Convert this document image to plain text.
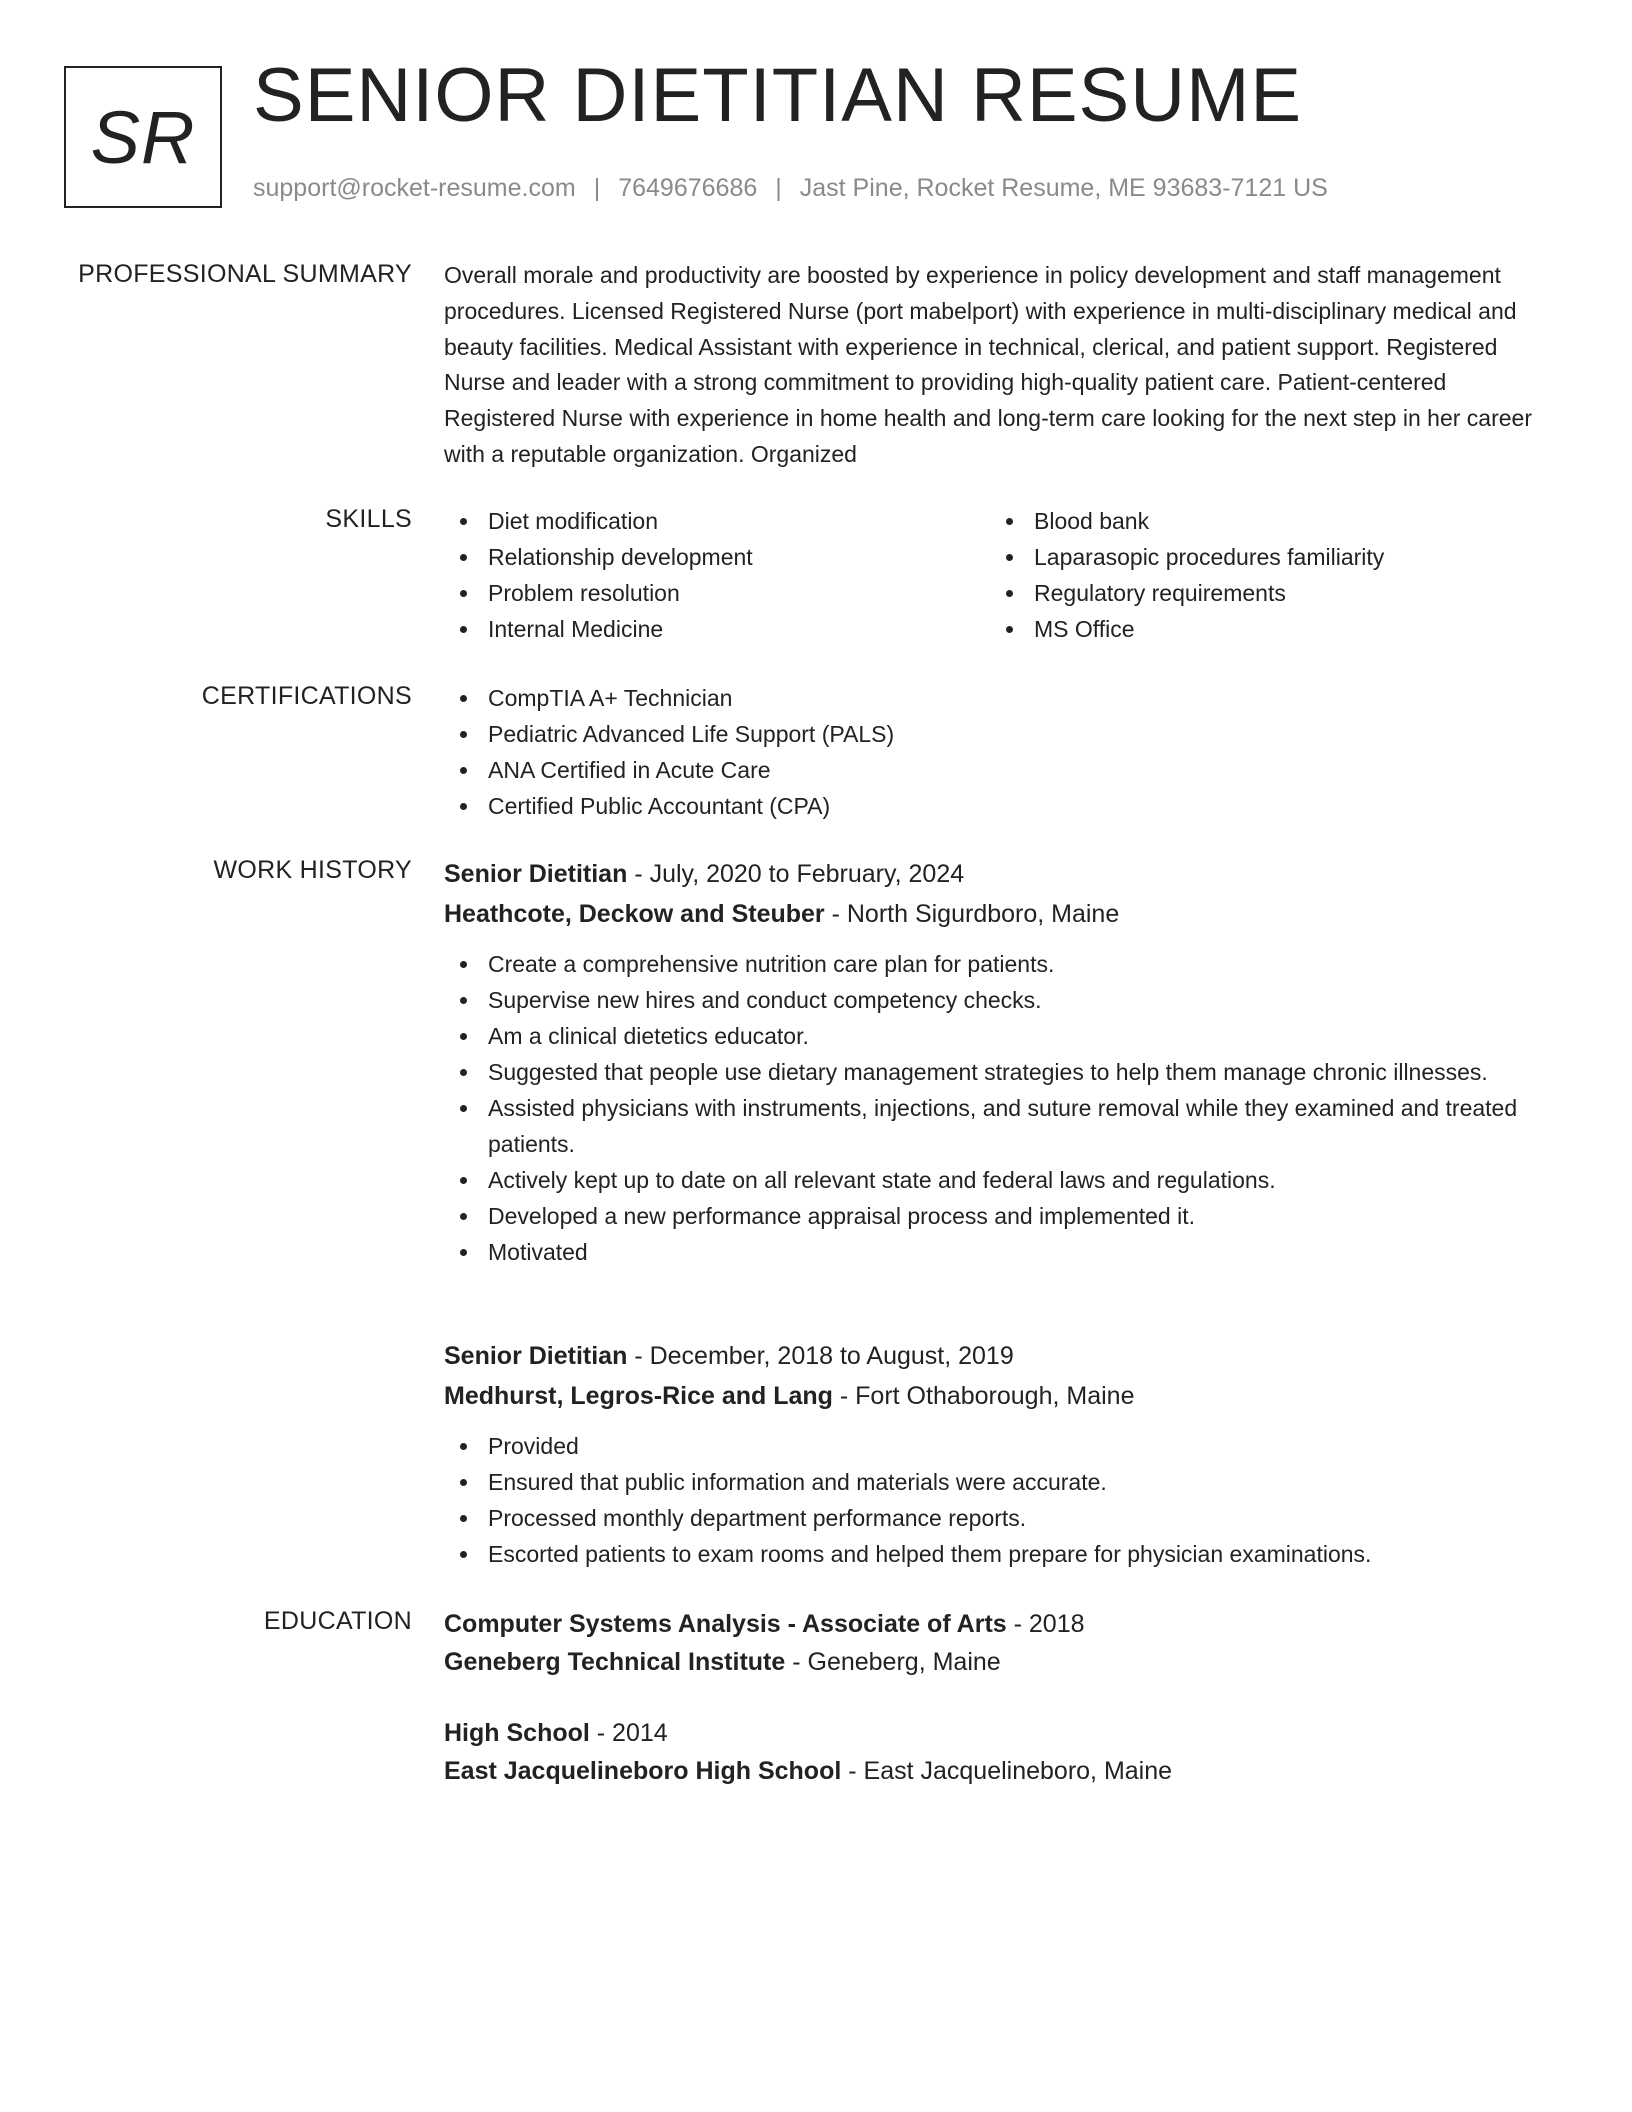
SR SENIOR DIETITIAN RESUME
support@rocket-resume.com | 7649676686 | Jast Pine, Rocket Resume, ME 93683-7121 US
PROFESSIONAL SUMMARY Overall morale and productivity are boosted by experience in policy development and staff management procedures. Licensed Registered Nurse (port mabelport) with experience in multi-disciplinary medical and beauty facilities. Medical Assistant with experience in technical, clerical, and patient support. Registered Nurse and leader with a strong commitment to providing high-quality patient care. Patient-centered Registered Nurse with experience in home health and long-term care looking for the next step in her career with a reputable organization. Organized

SKILLS	Diet modification
Relationship development
Problem resolution
Internal Medicine
Blood bank
Laparasopic procedures familiarity
Regulatory requirements
MS Office
CERTIFICATIONS	CompTIA A+ Technician
Pediatric Advanced Life Support (PALS)
ANA Certified in Acute Care
Certified Public Accountant (CPA)
WORK HISTORY Senior Dietitian - July, 2020 to February, 2024
Heathcote, Deckow and Steuber - North Sigurdboro, Maine
Create a comprehensive nutrition care plan for patients.
Supervise new hires and conduct competency checks.
Am a clinical dietetics educator.
Suggested that people use dietary management strategies to help them manage chronic illnesses.
Assisted physicians with instruments, injections, and suture removal while they examined and treated patients.
Actively kept up to date on all relevant state and federal laws and regulations.
Developed a new performance appraisal process and implemented it.
Motivated
Senior Dietitian - December, 2018 to August, 2019
Medhurst, Legros-Rice and Lang - Fort Othaborough, Maine
Provided
Ensured that public information and materials were accurate.
Processed monthly department performance reports.
Escorted patients to exam rooms and helped them prepare for physician examinations.
EDUCATION Computer Systems Analysis - Associate of Arts - 2018
Geneberg Technical Institute - Geneberg, Maine
High School - 2014
East Jacquelineboro High School - East Jacquelineboro, Maine
